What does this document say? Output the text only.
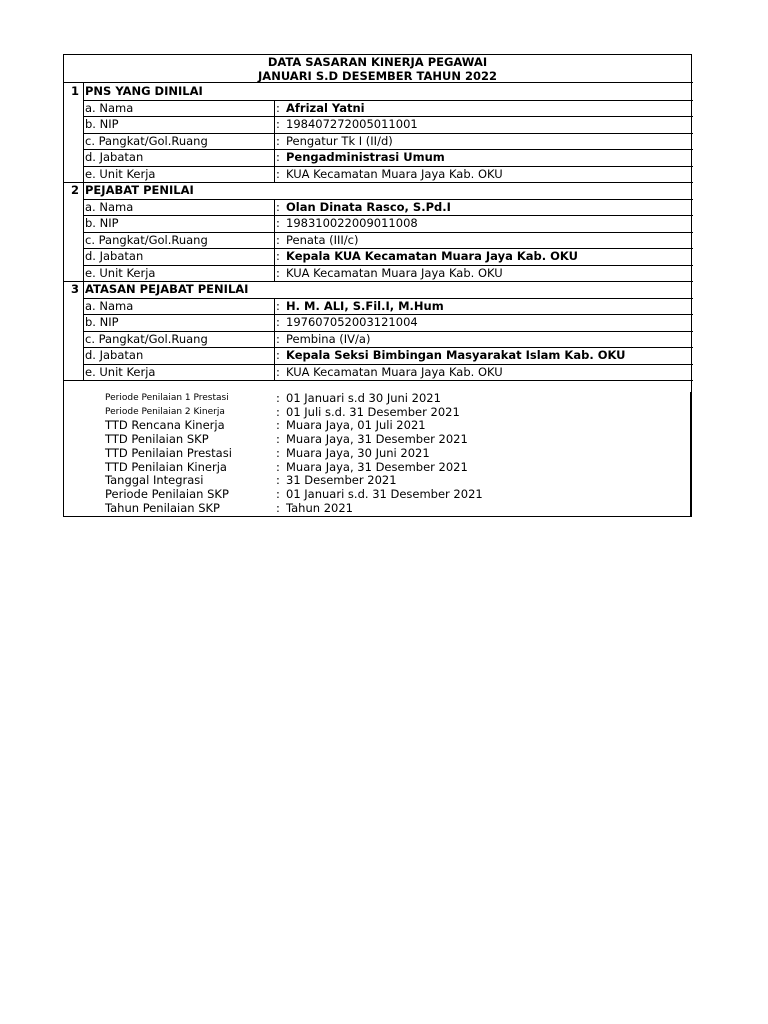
DATA SASARAN KINERJA PEGAWAI
JANUARI S.D DESEMBER TAHUN 2022
1 PNS YANG DINILAI
a. Nama	: Afrizal Yatni
b. NIP	: 198407272005011001
c. Pangkat/Gol.Ruang	: Pengatur Tk I (II/d)
d. Jabatan	: Pengadministrasi Umum
e. Unit Kerja	: KUA Kecamatan Muara Jaya Kab. OKU
2 PEJABAT PENILAI
a. Nama	: Olan Dinata Rasco, S.Pd.I
b. NIP	: 198310022009011008
c. Pangkat/Gol.Ruang	: Penata (III/c)
d. Jabatan	: Kepala KUA Kecamatan Muara Jaya Kab. OKU
e. Unit Kerja	: KUA Kecamatan Muara Jaya Kab. OKU
3 ATASAN PEJABAT PENILAI
a. Nama	: H. M. ALI, S.Fil.I, M.Hum
b. NIP	: 197607052003121004
c. Pangkat/Gol.Ruang	: Pembina (IV/a)
d. Jabatan	: Kepala Seksi Bimbingan Masyarakat Islam Kab. OKU
e. Unit Kerja	: KUA Kecamatan Muara Jaya Kab. OKU
Periode Penilaian 1 Prestasi	: 01 Januari s.d 30 Juni 2021
Periode Penilaian 2 Kinerja	: 01 Juli s.d. 31 Desember 2021
TTD Rencana Kinerja	: Muara Jaya, 01 Juli 2021
TTD Penilaian SKP	: Muara Jaya, 31 Desember 2021
TTD Penilaian Prestasi	: Muara Jaya, 30 Juni 2021
TTD Penilaian Kinerja	: Muara Jaya, 31 Desember 2021
Tanggal Integrasi	: 31 Desember 2021
Periode Penilaian SKP	: 01 Januari s.d. 31 Desember 2021
Tahun Penilaian SKP	: Tahun 2021
